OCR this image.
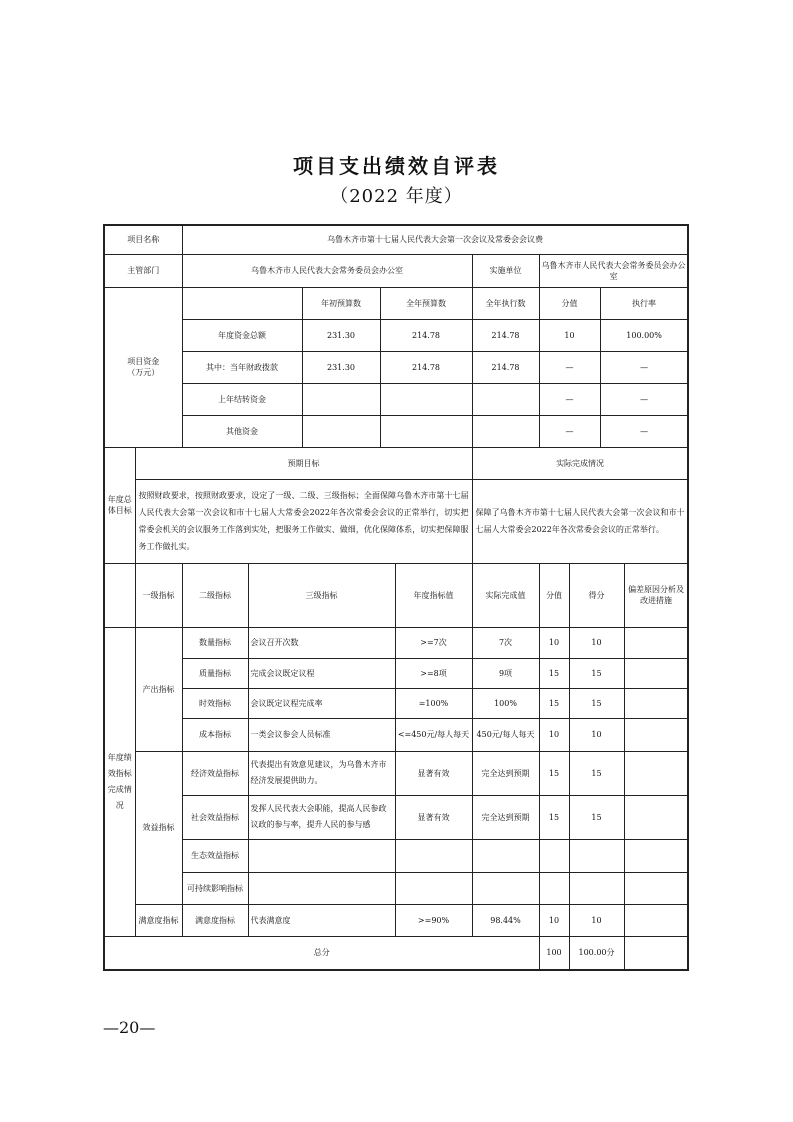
项目支出绩效自评表
（2022 年度）
项目名称		乌鲁木齐市第十七届人民代表大会第一次会议及常委会会议费										
主管部门		乌鲁木齐市人民代表大会常务委员会办公室					实施单位	乌鲁木齐市人民代表大会常务委员会办公室				
项目资金
（万元）				年初预算数	全年预算数		全年执行数	分值		执行率	
		年度资金总额		231.30	214.78		214.78	10		100.00%	
		其中：当年财政拨款		231.30	214.78		214.78	—		—	
		上年结转资金						—		—	
		其他资金						—		—	
年度总
体目标	预期目标						实际完成情况					
	按照财政要求，按照财政要求，设定了一级、二级、三级指标；全面保障乌鲁木齐市第十七届人民代表大会第一次会议和市十七届人大常委会2022年各次常委会会议的正常举行，切实把常委会机关的会议服务工作落到实处，把服务工作做实、做细，优化保障体系，切实把保障服务工作做扎实。						保障了乌鲁木齐市第十七届人民代表大会第一次会议和市十七届人大常委会2022年各次常委会会议的正常举行。					
	一级指标	二级指标	三级指标			年度指标值	实际完成值	分值	得分		偏差原因分析及改进措施	
年度绩
效指标
完成情
况	产出指标	数量指标	会议召开次数			>=7次	7次	10	10			
		质量指标	完成会议既定议程			>=8项	9项	15	15			
		时效指标	会议既定议程完成率			=100%	100%	15	15			
		成本指标	一类会议参会人员标准			<=450元/每人每天	450元/每人每天	10	10			
	效益指标	经济效益指标	代表提出有效意见建议，为乌鲁木齐市经济发展提供助力。			显著有效	完全达到预期	15	15			
		社会效益指标	发挥人民代表大会职能，提高人民参政议政的参与率，提升人民的参与感			显著有效	完全达到预期	15	15			
		生态效益指标										
		可持续影响指标										
	满意度指标	满意度指标	代表满意度			>=90%	98.44%	10	10			
总分								100	100.00分			
—20—
